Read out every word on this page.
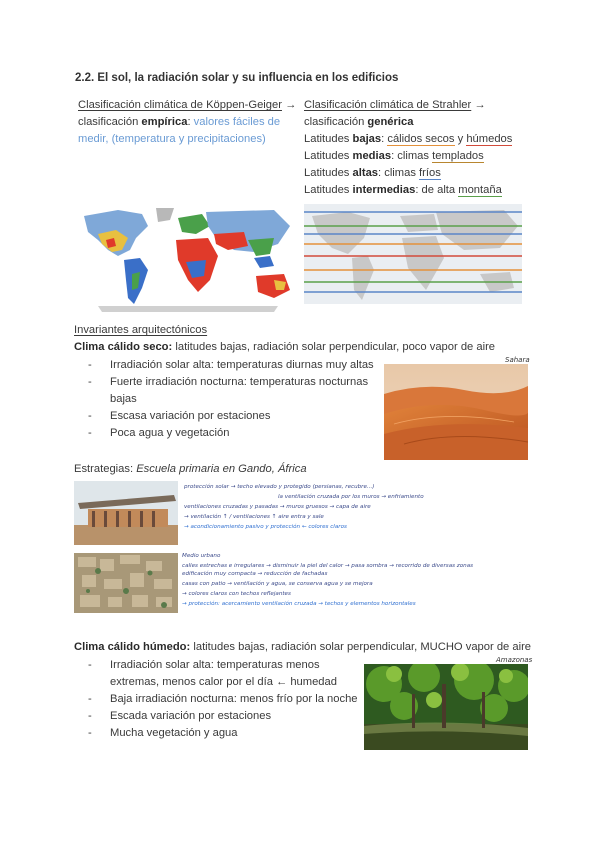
2.2. El sol, la radiación solar y su influencia en los edificios
Clasificación climática de Köppen-Geiger →
clasificación empírica: valores fáciles de
medir, (temperatura y precipitaciones)
Clasificación climática de Strahler →
clasificación genérica
Latitudes bajas: cálidos secos y húmedos
Latitudes medias: climas templados
Latitudes altas: climas fríos
Latitudes intermedias: de alta montaña
Invariantes arquitectónicos
Clima cálido seco: latitudes bajas, radiación solar perpendicular, poco vapor de aire
- Irradiación solar alta: temperaturas diurnas muy altas
- Fuerte irradiación nocturna: temperaturas nocturnas
bajas
- Escasa variación por estaciones
- Poca agua y vegetación
Sahara
Estrategias: Escuela primaria en Gando, África
protección solar → techo elevado y protegido (persianas, recubre...)
la ventilación cruzada por los muros → enfriamiento
ventilaciones cruzadas y pasadas → muros gruesos → capa de aire
→ ventilación ↑ / ventilaciones ↑ aire entra y sale
→ acondicionamiento pasivo y protección ← colores claros
Medio urbano
calles estrechas e irregulares → disminuir la piel del calor → pasa sombra → recorrido de diversas zonas
edificación muy compacta → reducción de fachadas
casas con patio → ventilación y agua, se conserva agua y se mejora
→ colores claros con techos reflejantes
→ protección: acercamiento ventilación cruzada → techos y elementos horizontales
Clima cálido húmedo: latitudes bajas, radiación solar perpendicular, MUCHO vapor de aire
- Irradiación solar alta: temperaturas menos
extremas, menos calor por el día ← humedad
- Baja irradiación nocturna: menos frío por la noche
- Escada variación por estaciones
- Mucha vegetación y agua
Amazonas
